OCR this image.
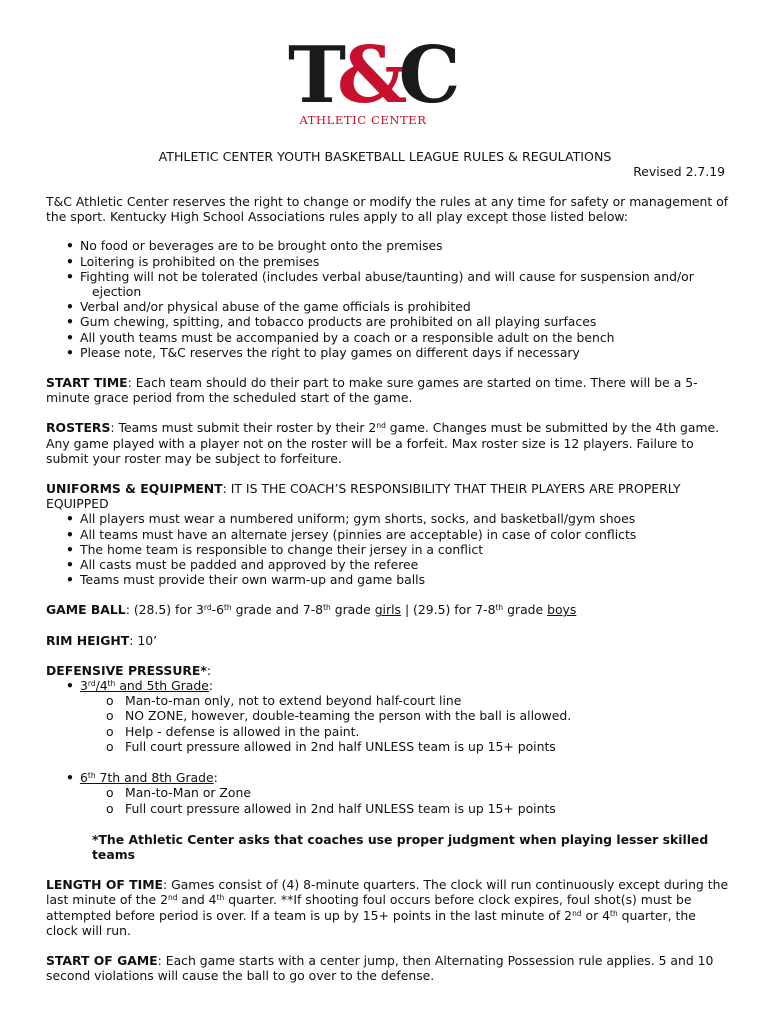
T&C
ATHLETIC CENTER
ATHLETIC CENTER YOUTH BASKETBALL LEAGUE RULES & REGULATIONS
Revised 2.7.19

T&C Athletic Center reserves the right to change or modify the rules at any time for safety or management of the sport. Kentucky High School Associations rules apply to all play except those listed below:

• No food or beverages are to be brought onto the premises
• Loitering is prohibited on the premises
• Fighting will not be tolerated (includes verbal abuse/taunting) and will cause for suspension and/or
ejection
• Verbal and/or physical abuse of the game officials is prohibited
• Gum chewing, spitting, and tobacco products are prohibited on all playing surfaces
• All youth teams must be accompanied by a coach or a responsible adult on the bench
• Please note, T&C reserves the right to play games on different days if necessary

START TIME: Each team should do their part to make sure games are started on time. There will be a 5-minute grace period from the scheduled start of the game.

ROSTERS: Teams must submit their roster by their 2nd game. Changes must be submitted by the 4th game. Any game played with a player not on the roster will be a forfeit. Max roster size is 12 players. Failure to submit your roster may be subject to forfeiture.

UNIFORMS & EQUIPMENT: IT IS THE COACH’S RESPONSIBILITY THAT THEIR PLAYERS ARE PROPERLY EQUIPPED

• All players must wear a numbered uniform; gym shorts, socks, and basketball/gym shoes
• All teams must have an alternate jersey (pinnies are acceptable) in case of color conflicts
• The home team is responsible to change their jersey in a conflict
• All casts must be padded and approved by the referee
• Teams must provide their own warm-up and game balls

GAME BALL: (28.5) for 3rd-6th grade and 7-8th grade girls | (29.5) for 7-8th grade boys

RIM HEIGHT: 10’

DEFENSIVE PRESSURE*:

• 3rd/4th and 5th Grade:
o Man-to-man only, not to extend beyond half-court line
o NO ZONE, however, double-teaming the person with the ball is allowed.
o Help - defense is allowed in the paint.
o Full court pressure allowed in 2nd half UNLESS team is up 15+ points
• 6th 7th and 8th Grade:
o Man-to-Man or Zone
o Full court pressure allowed in 2nd half UNLESS team is up 15+ points

*The Athletic Center asks that coaches use proper judgment when playing lesser skilled teams

LENGTH OF TIME: Games consist of (4) 8-minute quarters. The clock will run continuously except during the last minute of the 2nd and 4th quarter. **If shooting foul occurs before clock expires, foul shot(s) must be attempted before period is over. If a team is up by 15+ points in the last minute of 2nd or 4th quarter, the clock will run.

START OF GAME: Each game starts with a center jump, then Alternating Possession rule applies. 5 and 10 second violations will cause the ball to go over to the defense.
